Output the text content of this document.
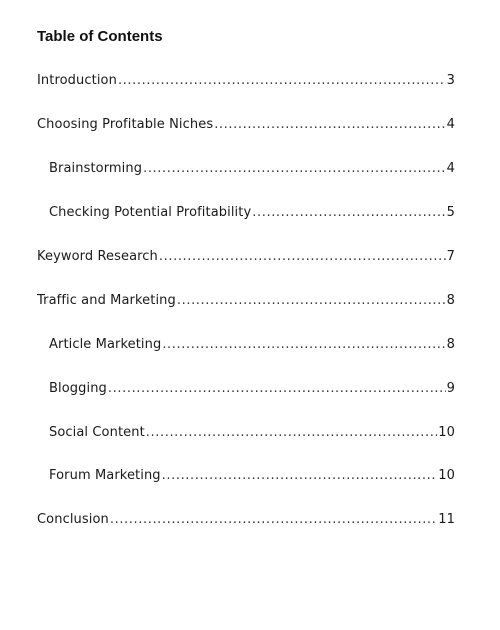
Table of Contents
Introduction .....	3
Choosing Profitable Niches .....	4
Brainstorming .....	4
Checking Potential Profitability .....	5
Keyword Research .....	7
Traffic and Marketing .....	8
Article Marketing .....	8
Blogging .....	9
Social Content .....	10
Forum Marketing .....	10
Conclusion .....	11
